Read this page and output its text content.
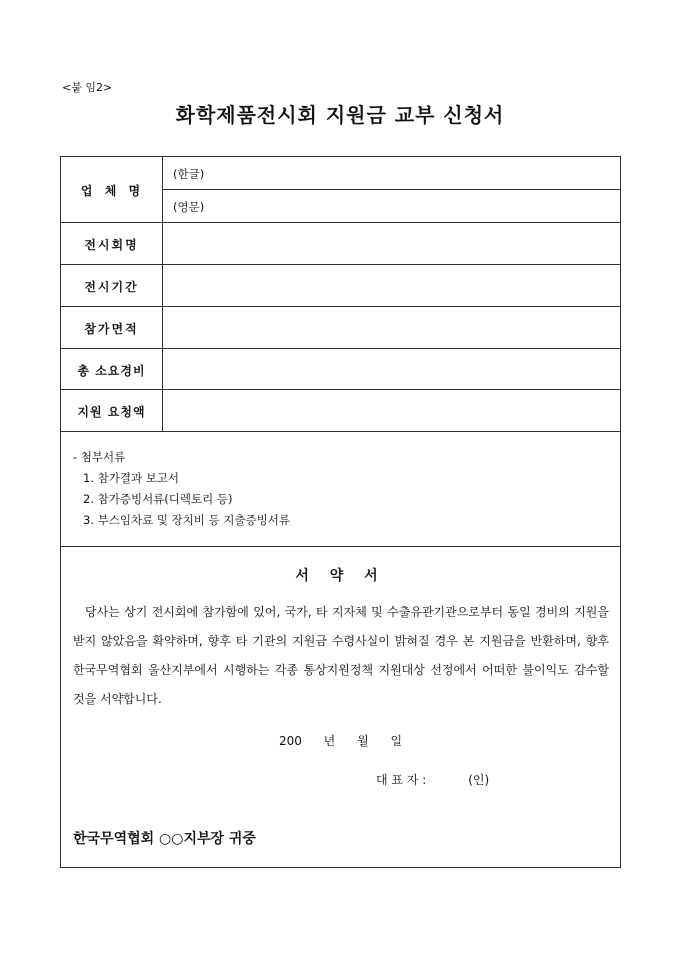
<붙 임2>
화학제품전시회 지원금 교부 신청서
업 체 명
(한글)
(영문)
전시회명
전시기간
참가면적
총 소요경비
지원 요청액
- 첨부서류
1. 참가결과 보고서
2. 참가증빙서류(디렉토리 등)
3. 부스임차료 및 장치비 등 지출증빙서류
서 약 서
당사는 상기 전시회에 참가함에 있어, 국가, 타 지자체 및 수출유관기관으로부터 동일 경비의 지원을 받지 않았음을 확약하며, 향후 타 기관의 지원금 수령사실이 밝혀질 경우 본 지원금을 반환하며, 향후 한국무역협회 울산지부에서 시행하는 각종 통상지원정책 지원대상 선정에서 어떠한 불이익도 감수할 것을 서약합니다.
200 년 월 일
대 표 자 :           (인)
한국무역협회 ○○지부장 귀중
